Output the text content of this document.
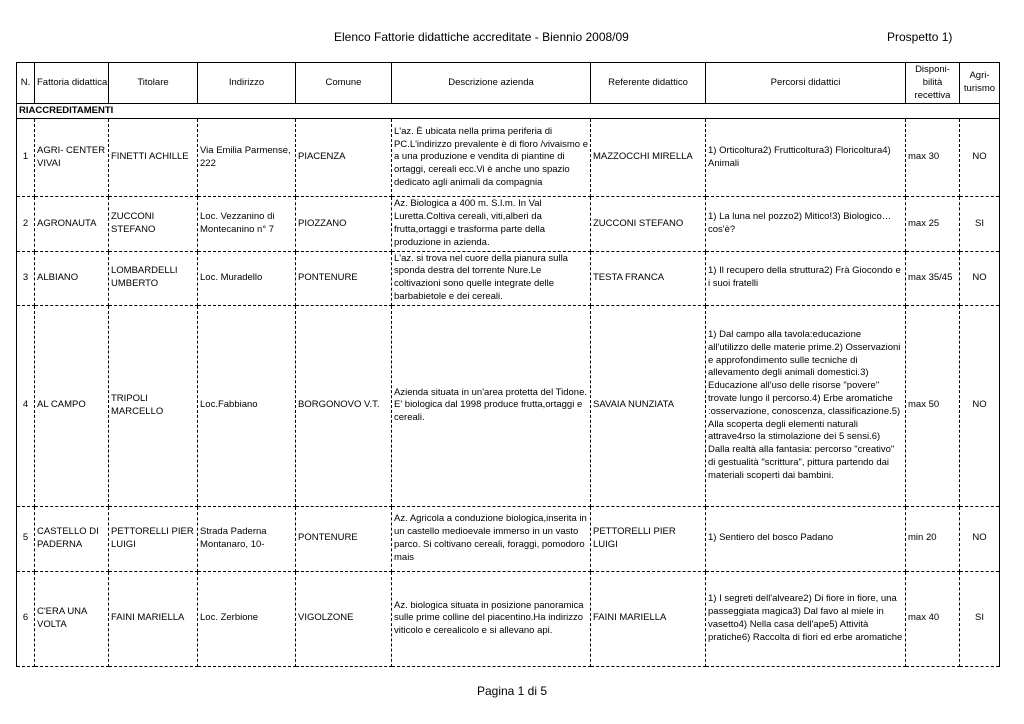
Elenco Fattorie didattiche accreditate - Biennio 2008/09	Prospetto 1)
N.	Fattoria didattica	Titolare	Indirizzo	Comune	Descrizione azienda	Referente didattico	Percorsi didattici	Disponi-bilità recettiva	Agri-turismo
RIACCREDITAMENTI									
1	AGRI- CENTER VIVAI	FINETTI ACHILLE	Via Emilia Parmense, 222	PIACENZA	L'az. È ubicata nella prima periferia di PC.L'indirizzo prevalente è di floro /vivaismo e a una produzione e vendita di piantine di ortaggi, cereali ecc.Vi è anche uno spazio dedicato agli animali da compagnia	MAZZOCCHI MIRELLA	1) Orticoltura2) Frutticoltura3) Floricoltura4) Animali	max 30	NO
2	AGRONAUTA	ZUCCONI STEFANO	Loc. Vezzanino di Montecanino n° 7	PIOZZANO	Az. Biologica a 400 m. S.l.m. In Val Luretta.Coltiva cereali, viti,alberi da frutta,ortaggi e trasforma parte della produzione in azienda.	ZUCCONI STEFANO	1) La luna nel pozzo2) Mitico!3) Biologico…cos'è?	max 25	SI
3	ALBIANO	LOMBARDELLI UMBERTO	Loc. Muradello	PONTENURE	L'az. si trova nel cuore della pianura sulla sponda destra del torrente Nure.Le coltivazioni sono quelle integrate delle barbabietole e dei cereali.	TESTA FRANCA	1) Il recupero della struttura2) Frà Giocondo e i suoi fratelli	max 35/45	NO
4	AL CAMPO	TRIPOLI MARCELLO	Loc.Fabbiano	BORGONOVO V.T.	Azienda situata in un'area protetta del Tidone. E' biologica dal 1998 produce frutta,ortaggi e cereali.	SAVAIA NUNZIATA	1) Dal campo alla tavola:educazione all'utilizzo delle materie prime.2) Osservazioni e approfondimento sulle tecniche di allevamento degli animali domestici.3) Educazione all'uso delle risorse "povere" trovate lungo il percorso.4) Erbe aromatiche :osservazione, conoscenza, classificazione.5) Alla scoperta degli elementi naturali attrave4rso la stimolazione dei 5 sensi.6) Dalla realtà alla fantasia: percorso "creativo" di gestualità "scrittura", pittura partendo dai materiali scoperti dai bambini.	max 50	NO
5	CASTELLO DI PADERNA	PETTORELLI PIER LUIGI	Strada Paderna Montanaro, 10-	PONTENURE	Az. Agricola a conduzione biologica,inserita in un castello medioevale immerso in un vasto parco. Si coltivano cereali, foraggi, pomodoro mais	PETTORELLI PIER LUIGI	1) Sentiero del bosco Padano	min 20	NO
6	C'ERA UNA VOLTA	FAINI MARIELLA	Loc. Zerbione	VIGOLZONE	Az. biologica situata in posizione panoramica sulle prime colline del piacentino.Ha indirizzo viticolo e cerealicolo e si allevano api.	FAINI MARIELLA	1) I segreti dell'alveare2) Di fiore in fiore, una passeggiata magica3) Dal favo al miele in vasetto4) Nella casa dell'ape5) Attività pratiche6) Raccolta di fiori ed erbe aromatiche	max 40	SI
Pagina 1 di 5
